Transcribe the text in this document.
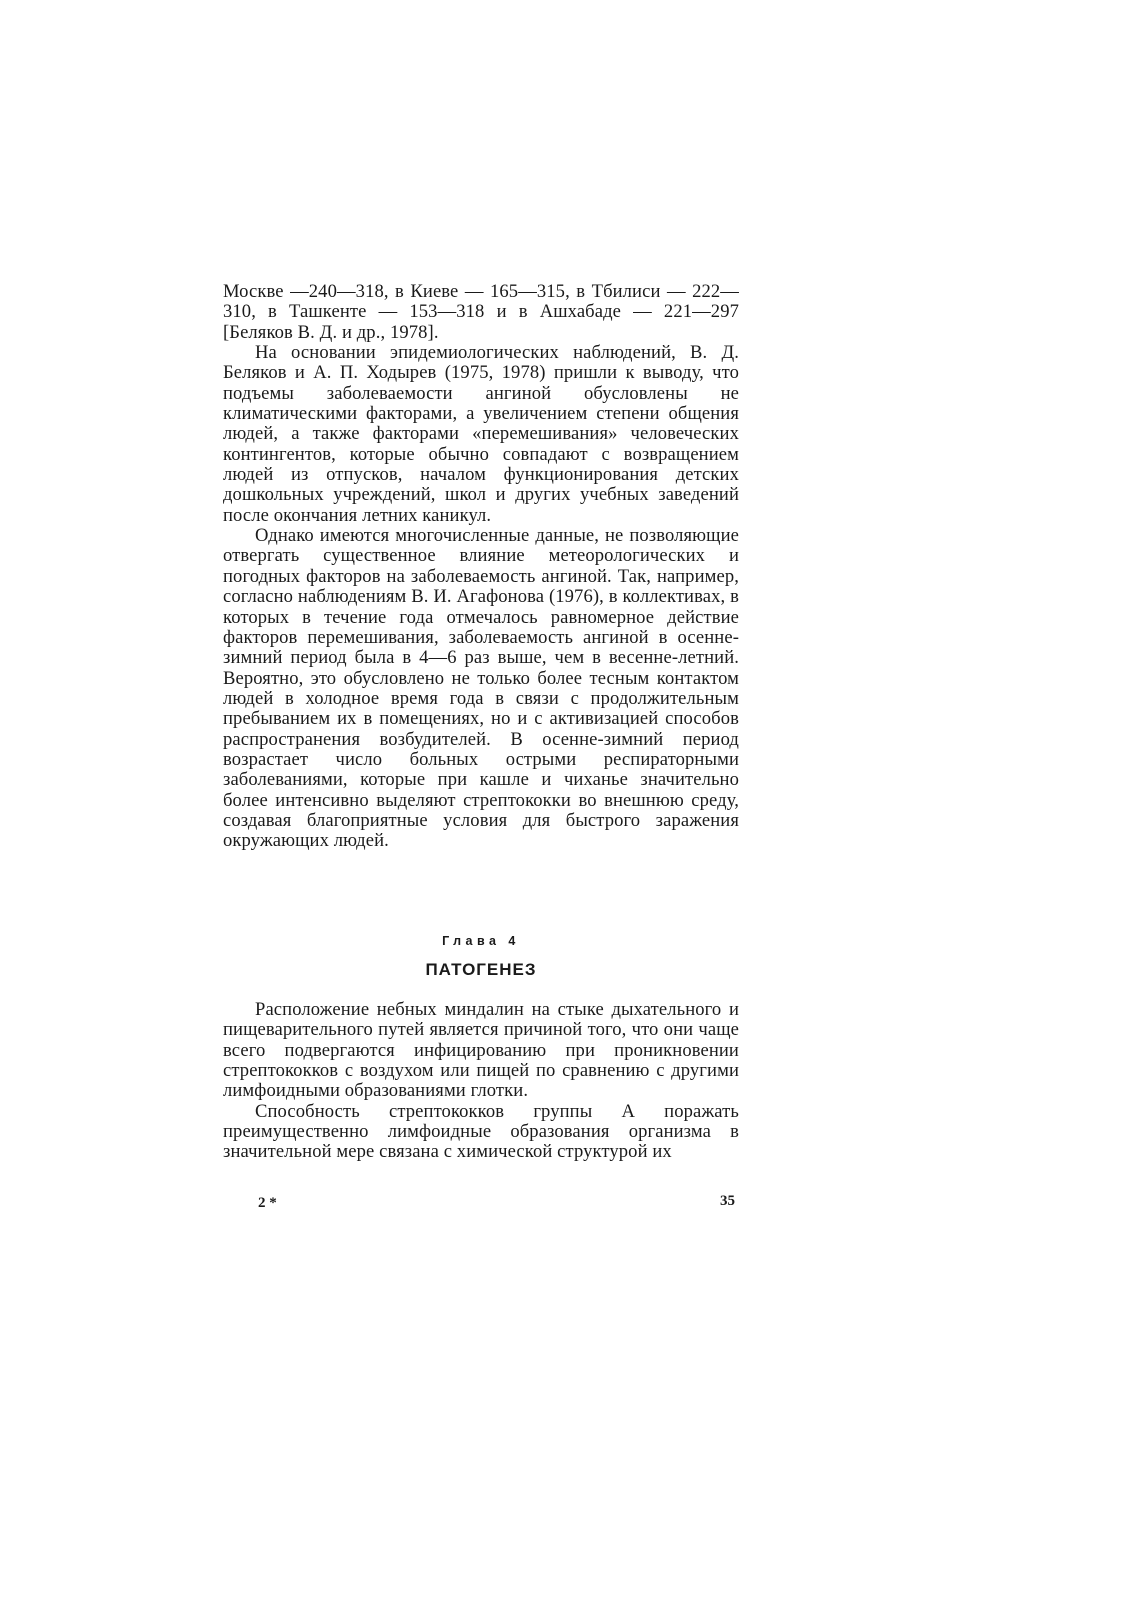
Москве —240—318, в Киеве — 165—315, в Тбилиси — 222—310, в Ташкенте — 153—318 и в Ашхабаде — 221—297 [Беляков В. Д. и др., 1978].

На основании эпидемиологических наблюдений, В. Д. Беляков и А. П. Ходырев (1975, 1978) пришли к выводу, что подъемы заболеваемости ангиной обусловлены не климатическими факторами, а увеличением степени общения людей, а также факторами «перемешивания» человеческих контингентов, которые обычно совпадают с возвращением людей из отпусков, началом функционирования детских дошкольных учреждений, школ и других учебных заведений после окончания летних каникул.

Однако имеются многочисленные данные, не позволяющие отвергать существенное влияние метеорологических и погодных факторов на заболеваемость ангиной. Так, например, согласно наблюдениям В. И. Агафонова (1976), в коллективах, в которых в течение года отмечалось равномерное действие факторов перемешивания, заболеваемость ангиной в осенне-зимний период была в 4—6 раз выше, чем в весенне-летний. Вероятно, это обусловлено не только более тесным контактом людей в холодное время года в связи с продолжительным пребыванием их в помещениях, но и с активизацией способов распространения возбудителей. В осенне-зимний период возрастает число больных острыми респираторными заболеваниями, которые при кашле и чиханье значительно более интенсивно выделяют стрептококки во внешнюю среду, создавая благоприятные условия для быстрого заражения окружающих людей.

Глава 4
ПАТОГЕНЕЗ

Расположение небных миндалин на стыке дыхательного и пищеварительного путей является причиной того, что они чаще всего подвергаются инфицированию при проникновении стрептококков с воздухом или пищей по сравнению с другими лимфоидными образованиями глотки.

Способность стрептококков группы А поражать преимущественно лимфоидные образования организма в значительной мере связана с химической структурой их

2 *	35
